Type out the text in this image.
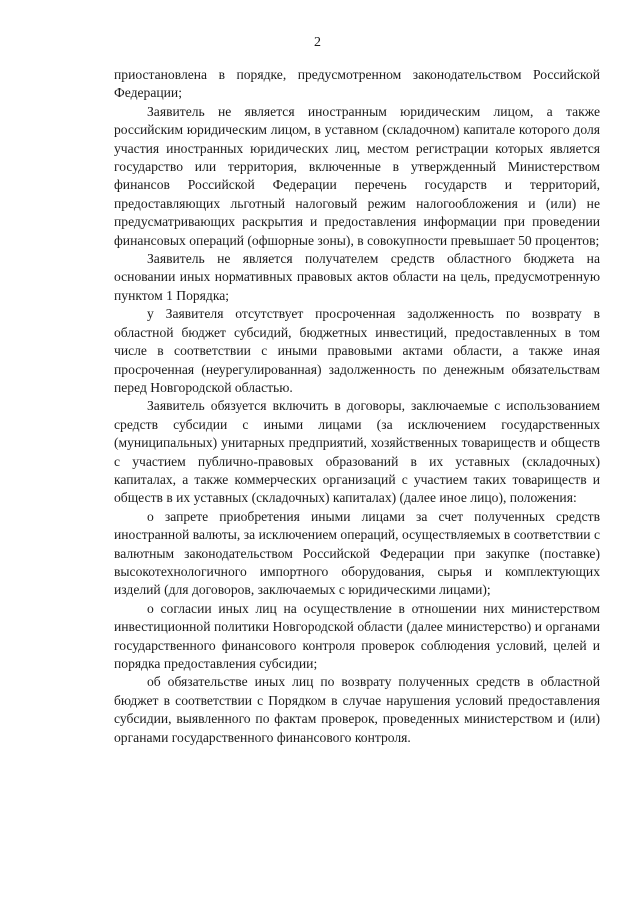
2

приостановлена в порядке, предусмотренном законодательством Российской Федерации;

Заявитель не является иностранным юридическим лицом, а также российским юридическим лицом, в уставном (складочном) капитале которого доля участия иностранных юридических лиц, местом регистрации которых является государство или территория, включенные в утвержденный Министерством финансов Российской Федерации перечень государств и территорий, предоставляющих льготный налоговый режим налогообложения и (или) не предусматривающих раскрытия и предоставления информации при проведении финансовых операций (офшорные зоны), в совокупности превышает 50 процентов;

Заявитель не является получателем средств областного бюджета на основании иных нормативных правовых актов области на цель, предусмотренную пунктом 1 Порядка;

у Заявителя отсутствует просроченная задолженность по возврату в областной бюджет субсидий, бюджетных инвестиций, предоставленных в том числе в соответствии с иными правовыми актами области, а также иная просроченная (неурегулированная) задолженность по денежным обязательствам перед Новгородской областью.

Заявитель обязуется включить в договоры, заключаемые с использованием средств субсидии с иными лицами (за исключением государственных (муниципальных) унитарных предприятий, хозяйственных товариществ и обществ с участием публично-правовых образований в их уставных (складочных) капиталах, а также коммерческих организаций с участием таких товариществ и обществ в их уставных (складочных) капиталах) (далее иное лицо), положения:

о запрете приобретения иными лицами за счет полученных средств иностранной валюты, за исключением операций, осуществляемых в соответствии с валютным законодательством Российской Федерации при закупке (поставке) высокотехнологичного импортного оборудования, сырья и комплектующих изделий (для договоров, заключаемых с юридическими лицами);

о согласии иных лиц на осуществление в отношении них министерством инвестиционной политики Новгородской области (далее министерство) и органами государственного финансового контроля проверок соблюдения условий, целей и порядка предоставления субсидии;

об обязательстве иных лиц по возврату полученных средств в областной бюджет в соответствии с Порядком в случае нарушения условий предоставления субсидии, выявленного по фактам проверок, проведенных министерством и (или) органами государственного финансового контроля.
